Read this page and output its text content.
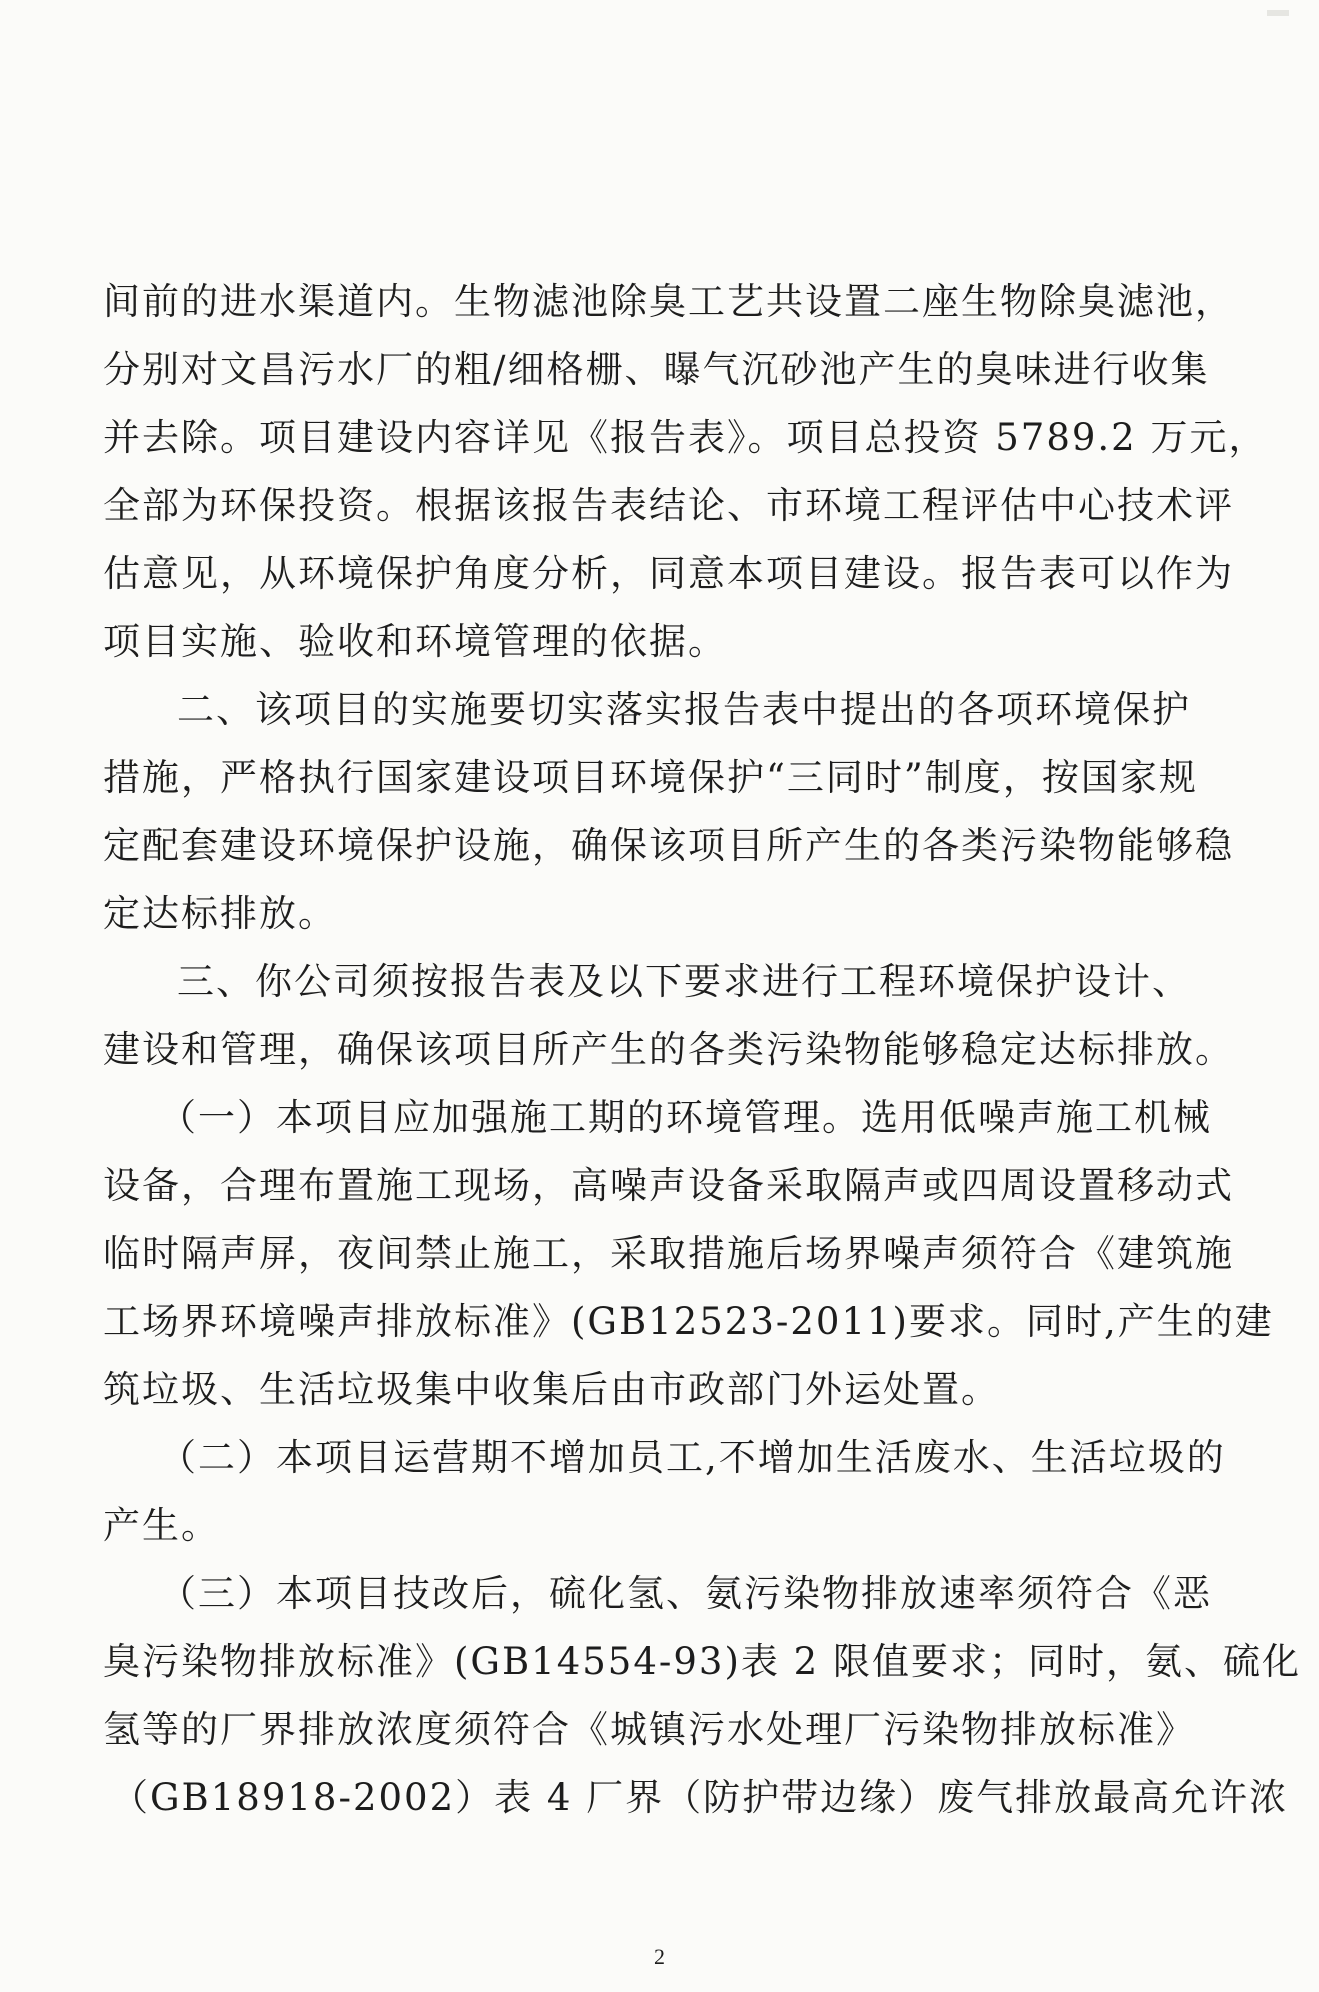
间前的进水渠道内。生物滤池除臭工艺共设置二座生物除臭滤池，
分别对文昌污水厂的粗/细格栅、曝气沉砂池产生的臭味进行收集
并去除。项目建设内容详见《报告表》。项目总投资 5789.2 万元，
全部为环保投资。根据该报告表结论、市环境工程评估中心技术评
估意见，从环境保护角度分析，同意本项目建设。报告表可以作为
项目实施、验收和环境管理的依据。
二、该项目的实施要切实落实报告表中提出的各项环境保护
措施，严格执行国家建设项目环境保护“三同时”制度，按国家规
定配套建设环境保护设施，确保该项目所产生的各类污染物能够稳
定达标排放。
三、你公司须按报告表及以下要求进行工程环境保护设计、
建设和管理，确保该项目所产生的各类污染物能够稳定达标排放。
（一）本项目应加强施工期的环境管理。选用低噪声施工机械
设备，合理布置施工现场，高噪声设备采取隔声或四周设置移动式
临时隔声屏，夜间禁止施工，采取措施后场界噪声须符合《建筑施
工场界环境噪声排放标准》(GB12523-2011)要求。同时,产生的建
筑垃圾、生活垃圾集中收集后由市政部门外运处置。
（二）本项目运营期不增加员工,不增加生活废水、生活垃圾的
产生。
（三）本项目技改后，硫化氢、氨污染物排放速率须符合《恶
臭污染物排放标准》(GB14554-93)表 2 限值要求；同时，氨、硫化
氢等的厂界排放浓度须符合《城镇污水处理厂污染物排放标准》
（GB18918-2002）表 4 厂界（防护带边缘）废气排放最高允许浓
2
